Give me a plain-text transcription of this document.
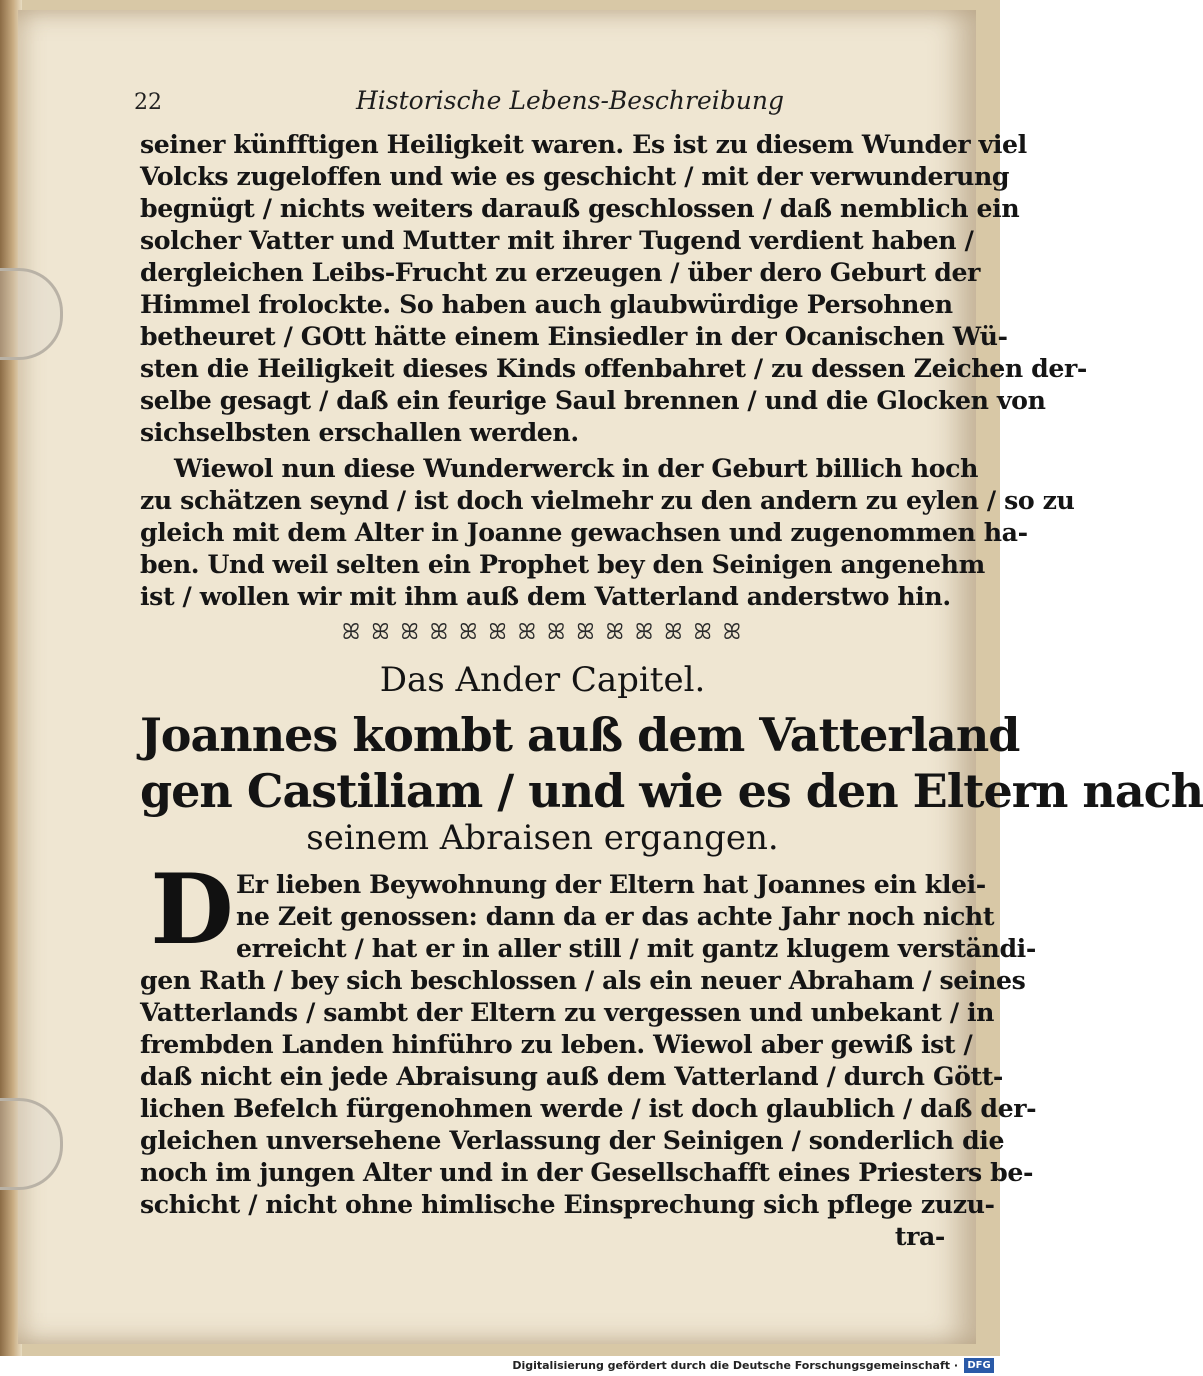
22	Historische Lebens-Beschreibung
seiner künfftigen Heiligkeit waren. Es ist zu diesem Wunder viel
Volcks zugeloffen und wie es geschicht / mit der verwunderung
begnügt / nichts weiters darauß geschlossen / daß nemblich ein
solcher Vatter und Mutter mit ihrer Tugend verdient haben /
dergleichen Leibs-Frucht zu erzeugen / über dero Geburt der
Himmel frolockte. So haben auch glaubwürdige Persohnen
betheuret / GOtt hätte einem Einsiedler in der Ocanischen Wü-
sten die Heiligkeit dieses Kinds offenbahret / zu dessen Zeichen der-
selbe gesagt / daß ein feurige Saul brennen / und die Glocken von
sichselbsten erschallen werden.
Wiewol nun diese Wunderwerck in der Geburt billich hoch
zu schätzen seynd / ist doch vielmehr zu den andern zu eylen / so zu
gleich mit dem Alter in Joanne gewachsen und zugenommen ha-
ben. Und weil selten ein Prophet bey den Seinigen angenehm
ist / wollen wir mit ihm auß dem Vatterland anderstwo hin.
ꕤ ꕤ ꕤ ꕤ ꕤ ꕤ ꕤ ꕤ ꕤ ꕤ ꕤ ꕤ ꕤ ꕤ
Das Ander Capitel.
Joannes kombt auß dem Vatterland
gen Castiliam / und wie es den Eltern nach
seinem Abraisen ergangen.
D Er lieben Beywohnung der Eltern hat Joannes ein klei-
ne Zeit genossen: dann da er das achte Jahr noch nicht
erreicht / hat er in aller still / mit gantz klugem verständi-
gen Rath / bey sich beschlossen / als ein neuer Abraham / seines
Vatterlands / sambt der Eltern zu vergessen und unbekant / in
frembden Landen hinführo zu leben. Wiewol aber gewiß ist /
daß nicht ein jede Abraisung auß dem Vatterland / durch Gött-
lichen Befelch fürgenohmen werde / ist doch glaublich / daß der-
gleichen unversehene Verlassung der Seinigen / sonderlich die
noch im jungen Alter und in der Gesellschafft eines Priesters be-
schicht / nicht ohne himlische Einsprechung sich pflege zuzu-
tra-
Digitalisierung gefördert durch die Deutsche Forschungsgemeinschaft · DFG
